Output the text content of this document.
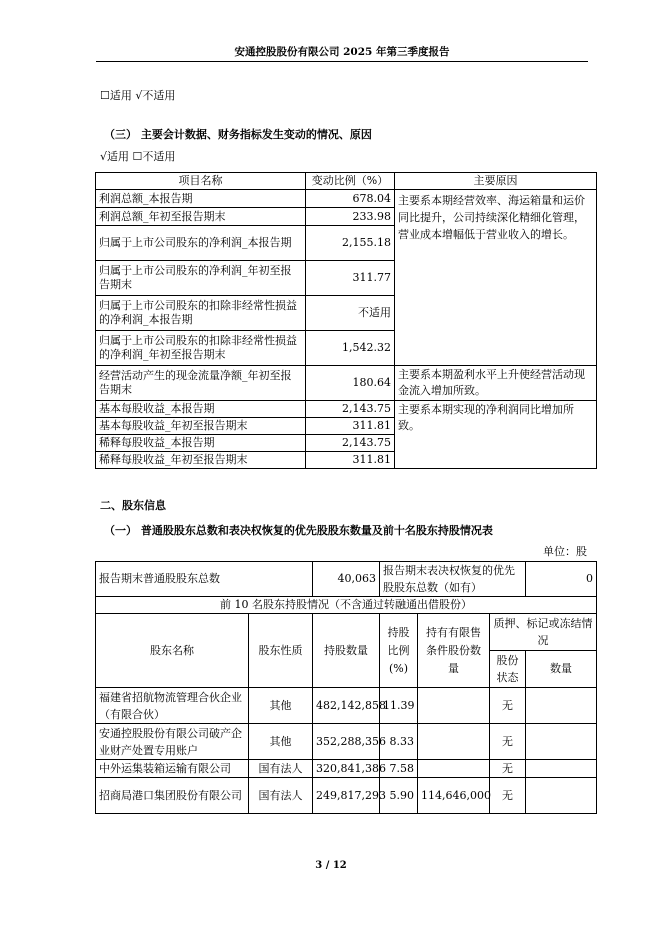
安通控股股份有限公司 2025 年第三季度报告
☐适用 √不适用
（三） 主要会计数据、财务指标发生变动的情况、原因
√适用 ☐不适用
项目名称	变动比例（%）	主要原因
利润总额_本报告期	678.04	主要系本期经营效率、海运箱量和运价同比提升，公司持续深化精细化管理，营业成本增幅低于营业收入的增长。
利润总额_年初至报告期末	233.98	
归属于上市公司股东的净利润_本报告期	2,155.18	
归属于上市公司股东的净利润_年初至报告期末	311.77	
归属于上市公司股东的扣除非经常性损益的净利润_本报告期	不适用	
归属于上市公司股东的扣除非经常性损益的净利润_年初至报告期末	1,542.32	
经营活动产生的现金流量净额_年初至报告期末	180.64	主要系本期盈利水平上升使经营活动现金流入增加所致。
基本每股收益_本报告期	2,143.75	主要系本期实现的净利润同比增加所致。
基本每股收益_年初至报告期末	311.81	
稀释每股收益_本报告期	2,143.75	
稀释每股收益_年初至报告期末	311.81	
二、股东信息
（一） 普通股股东总数和表决权恢复的优先股股东数量及前十名股东持股情况表
单位：股
报告期末普通股股东总数		40,063	报告期末表决权恢复的优先股股东总数（如有）			0
前 10 名股东持股情况（不含通过转融通出借股份）						
股东名称	股东性质	持股数量	持股比例(%)	持有有限售条件股份数量	质押、标记或冻结情况	
					股份状态	数量
福建省招航物流管理合伙企业（有限合伙）	其他	482,142,858	11.39		无	
安通控股股份有限公司破产企业财产处置专用账户	其他	352,288,356	8.33		无	
中外运集装箱运输有限公司	国有法人	320,841,386	7.58		无	
招商局港口集团股份有限公司	国有法人	249,817,293	5.90	114,646,000	无	
3 / 12
